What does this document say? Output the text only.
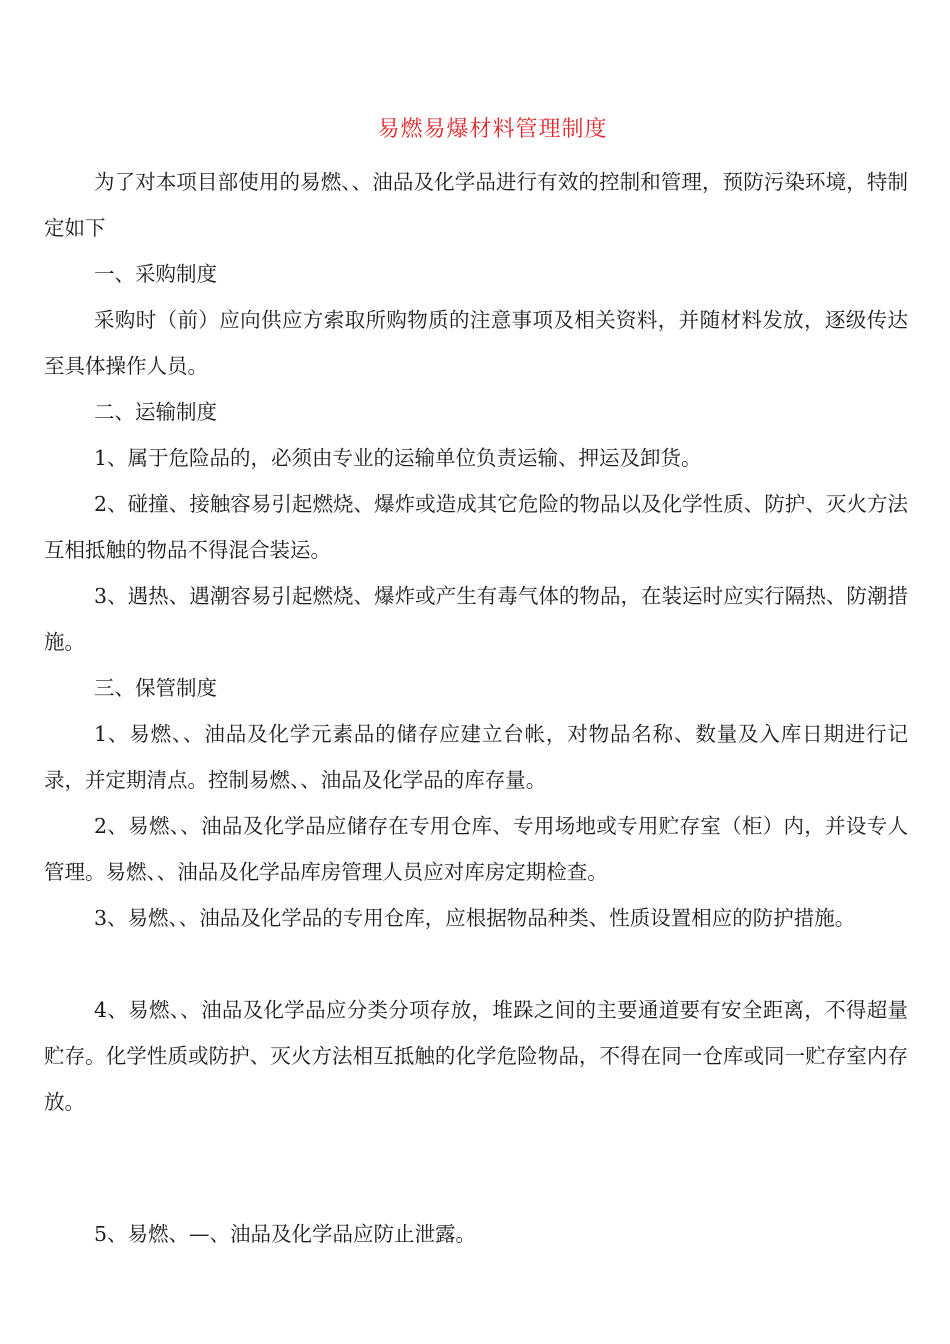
易燃易爆材料管理制度

为了对本项目部使用的易燃、、油品及化学品进行有效的控制和管理，预防污染环境，特制定如下

一、采购制度

采购时（前）应向供应方索取所购物质的注意事项及相关资料，并随材料发放，逐级传达至具体操作人员。

二、运输制度

1、属于危险品的，必须由专业的运输单位负责运输、押运及卸货。

2、碰撞、接触容易引起燃烧、爆炸或造成其它危险的物品以及化学性质、防护、灭火方法互相抵触的物品不得混合装运。

3、遇热、遇潮容易引起燃烧、爆炸或产生有毒气体的物品，在装运时应实行隔热、防潮措施。

三、保管制度

1、易燃、、油品及化学元素品的储存应建立台帐，对物品名称、数量及入库日期进行记录，并定期清点。控制易燃、、油品及化学品的库存量。

2、易燃、、油品及化学品应储存在专用仓库、专用场地或专用贮存室（柜）内，并设专人管理。易燃、、油品及化学品库房管理人员应对库房定期检查。

3、易燃、、油品及化学品的专用仓库，应根据物品种类、性质设置相应的防护措施。

4、易燃、、油品及化学品应分类分项存放，堆跺之间的主要通道要有安全距离，不得超量贮存。化学性质或防护、灭火方法相互抵触的化学危险物品，不得在同一仓库或同一贮存室内存放。

5、易燃、—、油品及化学品应防止泄露。
